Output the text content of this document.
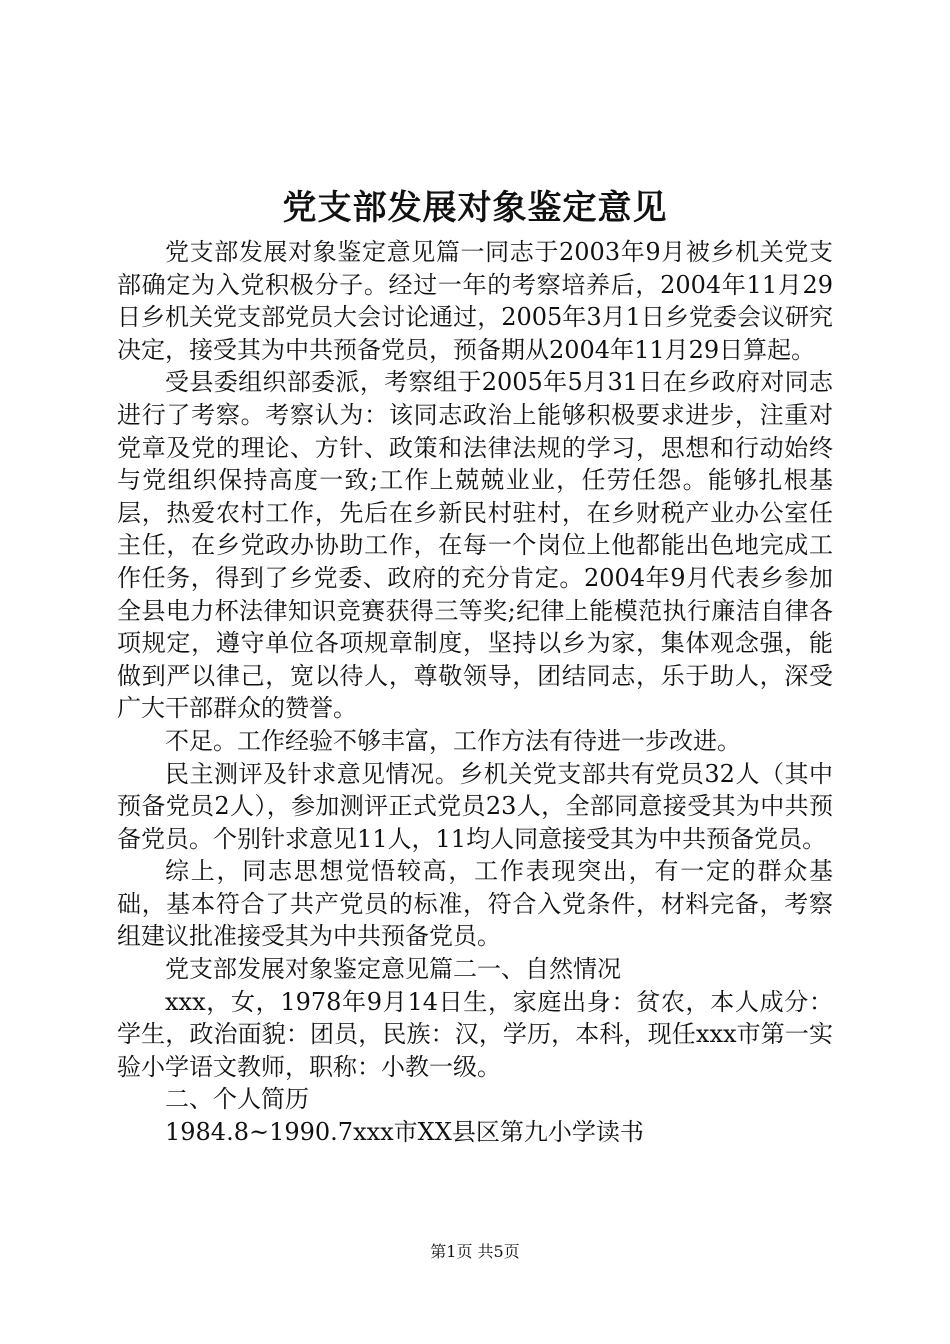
党支部发展对象鉴定意见

党支部发展对象鉴定意见篇一同志于2003年9月被乡机关党支部确定为入党积极分子。经过一年的考察培养后，2004年11月29日乡机关党支部党员大会讨论通过，2005年3月1日乡党委会议研究决定，接受其为中共预备党员，预备期从2004年11月29日算起。

受县委组织部委派，考察组于2005年5月31日在乡政府对同志进行了考察。考察认为：该同志政治上能够积极要求进步，注重对党章及党的理论、方针、政策和法律法规的学习，思想和行动始终与党组织保持高度一致;工作上兢兢业业，任劳任怨。能够扎根基层，热爱农村工作，先后在乡新民村驻村，在乡财税产业办公室任主任，在乡党政办协助工作，在每一个岗位上他都能出色地完成工作任务，得到了乡党委、政府的充分肯定。2004年9月代表乡参加全县电力杯法律知识竞赛获得三等奖;纪律上能模范执行廉洁自律各项规定，遵守单位各项规章制度，坚持以乡为家，集体观念强，能做到严以律己，宽以待人，尊敬领导，团结同志，乐于助人，深受广大干部群众的赞誉。

不足。工作经验不够丰富，工作方法有待进一步改进。

民主测评及针求意见情况。乡机关党支部共有党员32人（其中预备党员2人），参加测评正式党员23人，全部同意接受其为中共预备党员。个别针求意见11人，11均人同意接受其为中共预备党员。

综上，同志思想觉悟较高，工作表现突出，有一定的群众基础，基本符合了共产党员的标准，符合入党条件，材料完备，考察组建议批准接受其为中共预备党员。

党支部发展对象鉴定意见篇二一、自然情况

xxx，女，1978年9月14日生，家庭出身：贫农，本人成分：学生，政治面貌：团员，民族：汉，学历，本科，现任xxx市第一实验小学语文教师，职称：小教一级。

二、个人简历

1984.8~1990.7xxx市XX县区第九小学读书

第1页 共5页
